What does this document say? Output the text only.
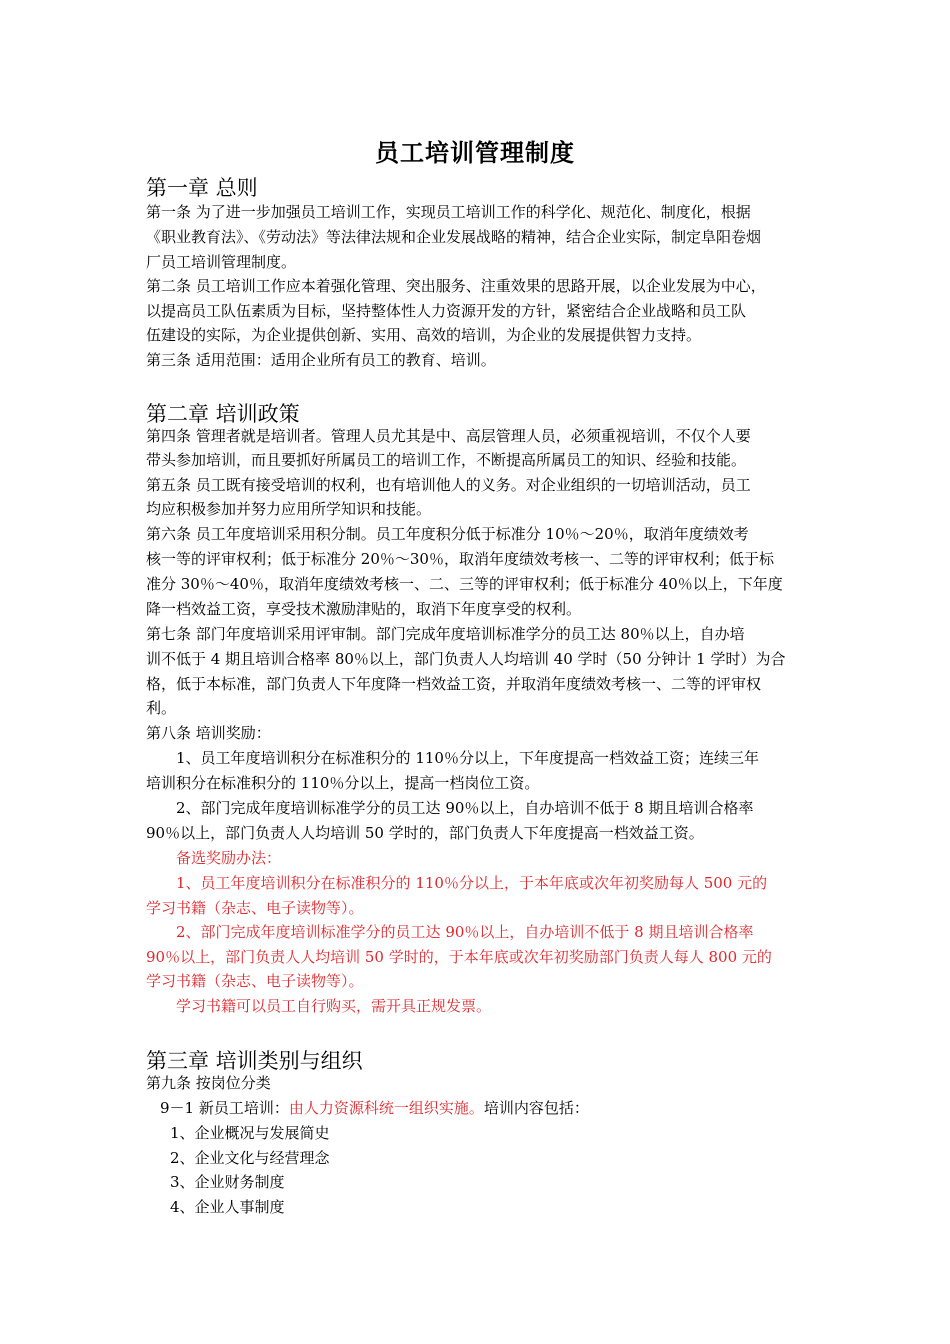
员工培训管理制度
第一章 总则
第一条 为了进一步加强员工培训工作，实现员工培训工作的科学化、规范化、制度化，根据
《职业教育法》、《劳动法》等法律法规和企业发展战略的精神，结合企业实际，制定阜阳卷烟
厂员工培训管理制度。
第二条 员工培训工作应本着强化管理、突出服务、注重效果的思路开展，以企业发展为中心，
以提高员工队伍素质为目标，坚持整体性人力资源开发的方针，紧密结合企业战略和员工队
伍建设的实际，为企业提供创新、实用、高效的培训，为企业的发展提供智力支持。
第三条 适用范围：适用企业所有员工的教育、培训。
第二章 培训政策
第四条 管理者就是培训者。管理人员尤其是中、高层管理人员，必须重视培训，不仅个人要
带头参加培训，而且要抓好所属员工的培训工作，不断提高所属员工的知识、经验和技能。
第五条 员工既有接受培训的权利，也有培训他人的义务。对企业组织的一切培训活动，员工
均应积极参加并努力应用所学知识和技能。
第六条 员工年度培训采用积分制。员工年度积分低于标准分 10％～20％，取消年度绩效考
核一等的评审权利；低于标准分 20％～30％，取消年度绩效考核一、二等的评审权利；低于标
准分 30％～40％，取消年度绩效考核一、二、三等的评审权利；低于标准分 40％以上，下年度
降一档效益工资，享受技术激励津贴的，取消下年度享受的权利。
第七条 部门年度培训采用评审制。部门完成年度培训标准学分的员工达 80％以上，自办培
训不低于 4 期且培训合格率 80％以上，部门负责人人均培训 40 学时（50 分钟计 1 学时）为合
格，低于本标准，部门负责人下年度降一档效益工资，并取消年度绩效考核一、二等的评审权
利。
第八条 培训奖励：
1、员工年度培训积分在标准积分的 110％分以上，下年度提高一档效益工资；连续三年
培训积分在标准积分的 110％分以上，提高一档岗位工资。
2、部门完成年度培训标准学分的员工达 90％以上，自办培训不低于 8 期且培训合格率
90％以上，部门负责人人均培训 50 学时的，部门负责人下年度提高一档效益工资。
备选奖励办法：
1、员工年度培训积分在标准积分的 110％分以上，于本年底或次年初奖励每人 500 元的
学习书籍（杂志、电子读物等）。
2、部门完成年度培训标准学分的员工达 90％以上，自办培训不低于 8 期且培训合格率
90％以上，部门负责人人均培训 50 学时的，于本年底或次年初奖励部门负责人每人 800 元的
学习书籍（杂志、电子读物等）。
学习书籍可以员工自行购买，需开具正规发票。
第三章 培训类别与组织
第九条 按岗位分类
9－1 新员工培训：由人力资源科统一组织实施。培训内容包括：
1、企业概况与发展简史
2、企业文化与经营理念
3、企业财务制度
4、企业人事制度
